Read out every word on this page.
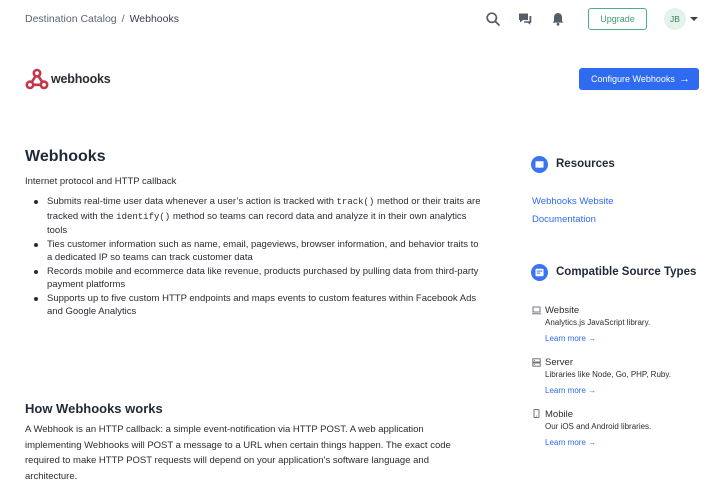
Destination Catalog / Webhooks	Upgrade	JB
webhooks	Configure Webhooks →
Webhooks
Internet protocol and HTTP callback
Submits real-time user data whenever a user’s action is tracked with track() method or their traits are tracked with the identify() method so teams can record data and analyze it in their own analytics tools
Ties customer information such as name, email, pageviews, browser information, and behavior traits to a dedicated IP so teams can track customer data
Records mobile and ecommerce data like revenue, products purchased by pulling data from third-party payment platforms
Supports up to five custom HTTP endpoints and maps events to custom features within Facebook Ads and Google Analytics
How Webhooks works

A Webhook is an HTTP callback: a simple event-notification via HTTP POST. A web application implementing Webhooks will POST a message to a URL when certain things happen. The exact code required to make HTTP POST requests will depend on your application’s software language and architecture.

Resources
Webhooks Website
Documentation
Compatible Source Types
Website
Analytics.js JavaScript library.
Learn more →
Server
Libraries like Node, Go, PHP, Ruby.
Learn more →
Mobile
Our iOS and Android libraries.
Learn more →
